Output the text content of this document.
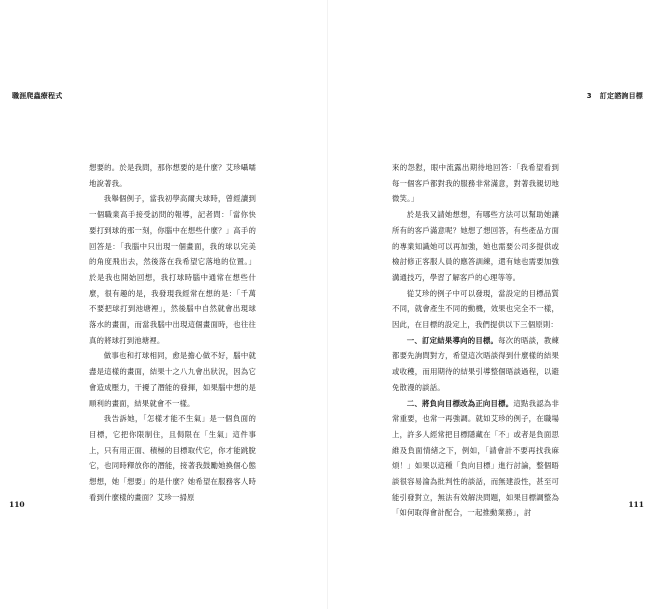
職涯爬蟲療程式

想要的。於是我問，那你想要的是什麼？艾珍囁嚅地說著我。

我舉個例子，當我初學高爾夫球時，曾經讀到一個職業高手接受訪問的報導，記者問：「當你快要打到球的那一刻，你腦中在想些什麼？」高手的回答是：「我腦中只出現一個畫面，我的球以完美的角度飛出去，然後落在我希望它落地的位置。」於是我也開始回想，我打球時腦中通常在想些什麼，很有趣的是，我發現我經常在想的是：「千萬不要把球打到池塘裡」，然後腦中自然就會出現球落水的畫面，而當我腦中出現這個畫面時，也往往真的將球打到池塘裡。

做事也和打球相同，愈是擔心做不好，腦中就盡是這樣的畫面，結果十之八九會出狀況，因為它會造成壓力，干擾了潛能的發揮，如果腦中想的是順利的畫面，結果就會不一樣。

我告訴她，「怎樣才能不生氣」是一個負面的目標，它把你限制住，且侷限在「生氣」這件事上，只有用正面、積極的目標取代它，你才能跳脫它，也同時釋放你的潛能，接著我鼓勵她換個心態想想，她「想要」的是什麼？她希望在服務客人時看到什麼樣的畫面？艾珍一掃原

110
3 訂定諮詢目標

來的怨懟，眼中流露出期待地回答：「我希望看到每一個客戶都對我的服務非常滿意，對著我親切地微笑。」

於是我又請她想想，有哪些方法可以幫助她讓所有的客戶滿意呢？她想了想回答，有些產品方面的專業知識她可以再加強，她也需要公司多提供或檢討修正客服人員的應答訓練，還有她也需要加強溝通技巧，學習了解客戶的心理等等。

從艾珍的例子中可以發現，當設定的目標品質不同，就會產生不同的動機，效果也完全不一樣，因此，在目標的設定上，我們提供以下三個原則：

一、訂定結果導向的目標。每次的晤談，教練都要先詢問對方，希望這次晤談得到什麼樣的結果或收穫，而用期待的結果引導整個晤談過程，以避免散漫的談話。

二、將負向目標改為正向目標。這點我認為非常重要，也常一再強調。就如艾珍的例子，在職場上，許多人經常把目標隱藏在「不」或者是負面思維及負面情緒之下，例如，「請會計不要再找我麻煩！」如果以這種「負向目標」進行討論，整個晤談很容易淪為批判性的談話，而無建設性，甚至可能引發對立，無法有效解決問題，如果目標調整為「如何取得會計配合，一起推動業務」，討

111
